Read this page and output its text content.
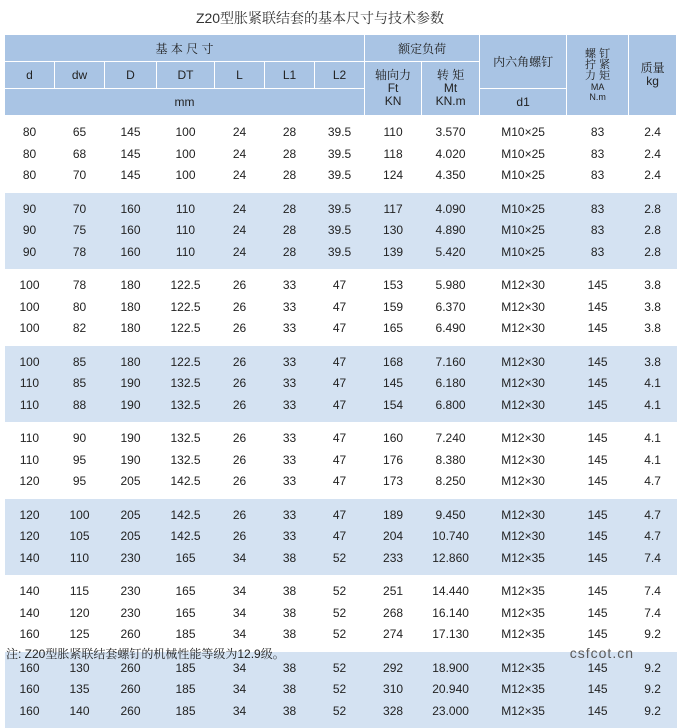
Z20型胀紧联结套的基本尺寸与技术参数
基 本 尺 寸							额定负荷		内六角螺钉	螺 钉
拧 紧
力 矩
MA
N.m	质量
kg

d	dw	D	DT	L	L1	L2	轴向力
Ft
KN	转 矩
Mt
KN.m			

mm									d1		
80	65	145	100	24	28	39.5	110	3.570	M10×25	83	2.4
80	68	145	100	24	28	39.5	118	4.020	M10×25	83	2.4
80	70	145	100	24	28	39.5	124	4.350	M10×25	83	2.4
90	70	160	110	24	28	39.5	117	4.090	M10×25	83	2.8
90	75	160	110	24	28	39.5	130	4.890	M10×25	83	2.8
90	78	160	110	24	28	39.5	139	5.420	M10×25	83	2.8
100	78	180	122.5	26	33	47	153	5.980	M12×30	145	3.8
100	80	180	122.5	26	33	47	159	6.370	M12×30	145	3.8
100	82	180	122.5	26	33	47	165	6.490	M12×30	145	3.8
100	85	180	122.5	26	33	47	168	7.160	M12×30	145	3.8
110	85	190	132.5	26	33	47	145	6.180	M12×30	145	4.1
110	88	190	132.5	26	33	47	154	6.800	M12×30	145	4.1
110	90	190	132.5	26	33	47	160	7.240	M12×30	145	4.1
110	95	190	132.5	26	33	47	176	8.380	M12×30	145	4.1
120	95	205	142.5	26	33	47	173	8.250	M12×30	145	4.7
120	100	205	142.5	26	33	47	189	9.450	M12×30	145	4.7
120	105	205	142.5	26	33	47	204	10.740	M12×30	145	4.7
140	110	230	165	34	38	52	233	12.860	M12×35	145	7.4
140	115	230	165	34	38	52	251	14.440	M12×35	145	7.4
140	120	230	165	34	38	52	268	16.140	M12×35	145	7.4
160	125	260	185	34	38	52	274	17.130	M12×35	145	9.2
160	130	260	185	34	38	52	292	18.900	M12×35	145	9.2
160	135	260	185	34	38	52	310	20.940	M12×35	145	9.2
160	140	260	185	34	38	52	328	23.000	M12×35	145	9.2
注: Z20型胀紧联结套螺钉的机械性能等级为12.9级。	csfcot.cn
